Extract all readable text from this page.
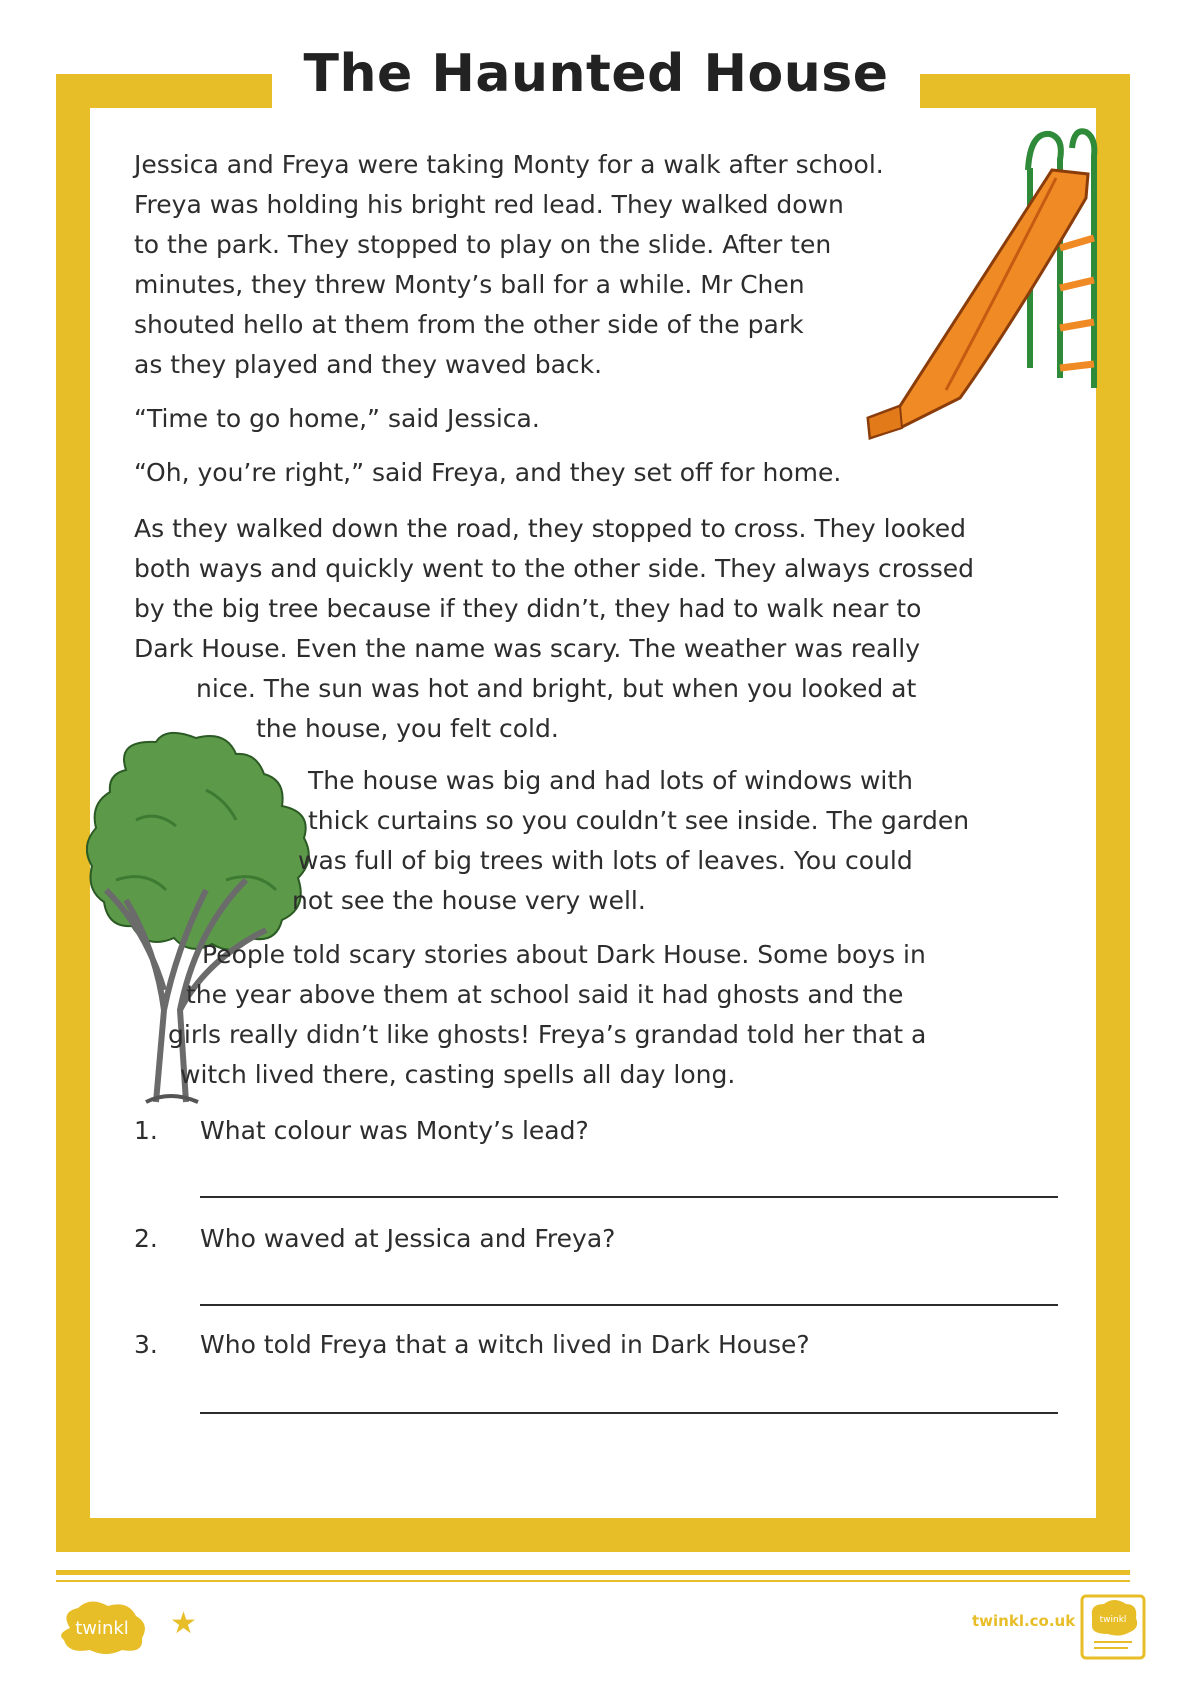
The Haunted House
Jessica and Freya were taking Monty for a walk after school.
Freya was holding his bright red lead. They walked down
to the park. They stopped to play on the slide. After ten
minutes, they threw Monty’s ball for a while. Mr Chen
shouted hello at them from the other side of the park
as they played and they waved back.
“Time to go home,” said Jessica.
“Oh, you’re right,” said Freya, and they set off for home.
As they walked down the road, they stopped to cross. They looked
both ways and quickly went to the other side. They always crossed
by the big tree because if they didn’t, they had to walk near to
Dark House. Even the name was scary. The weather was really
nice. The sun was hot and bright, but when you looked at
the house, you felt cold.
The house was big and had lots of windows with
thick curtains so you couldn’t see inside. The garden
was full of big trees with lots of leaves. You could
not see the house very well.
People told scary stories about Dark House. Some boys in
the year above them at school said it had ghosts and the
girls really didn’t like ghosts! Freya’s grandad told her that a
witch lived there, casting spells all day long.
1. What colour was Monty’s lead?
2. Who waved at Jessica and Freya?
3. Who told Freya that a witch lived in Dark House?
twinkl ★	twinkl.co.uk	twinkl
